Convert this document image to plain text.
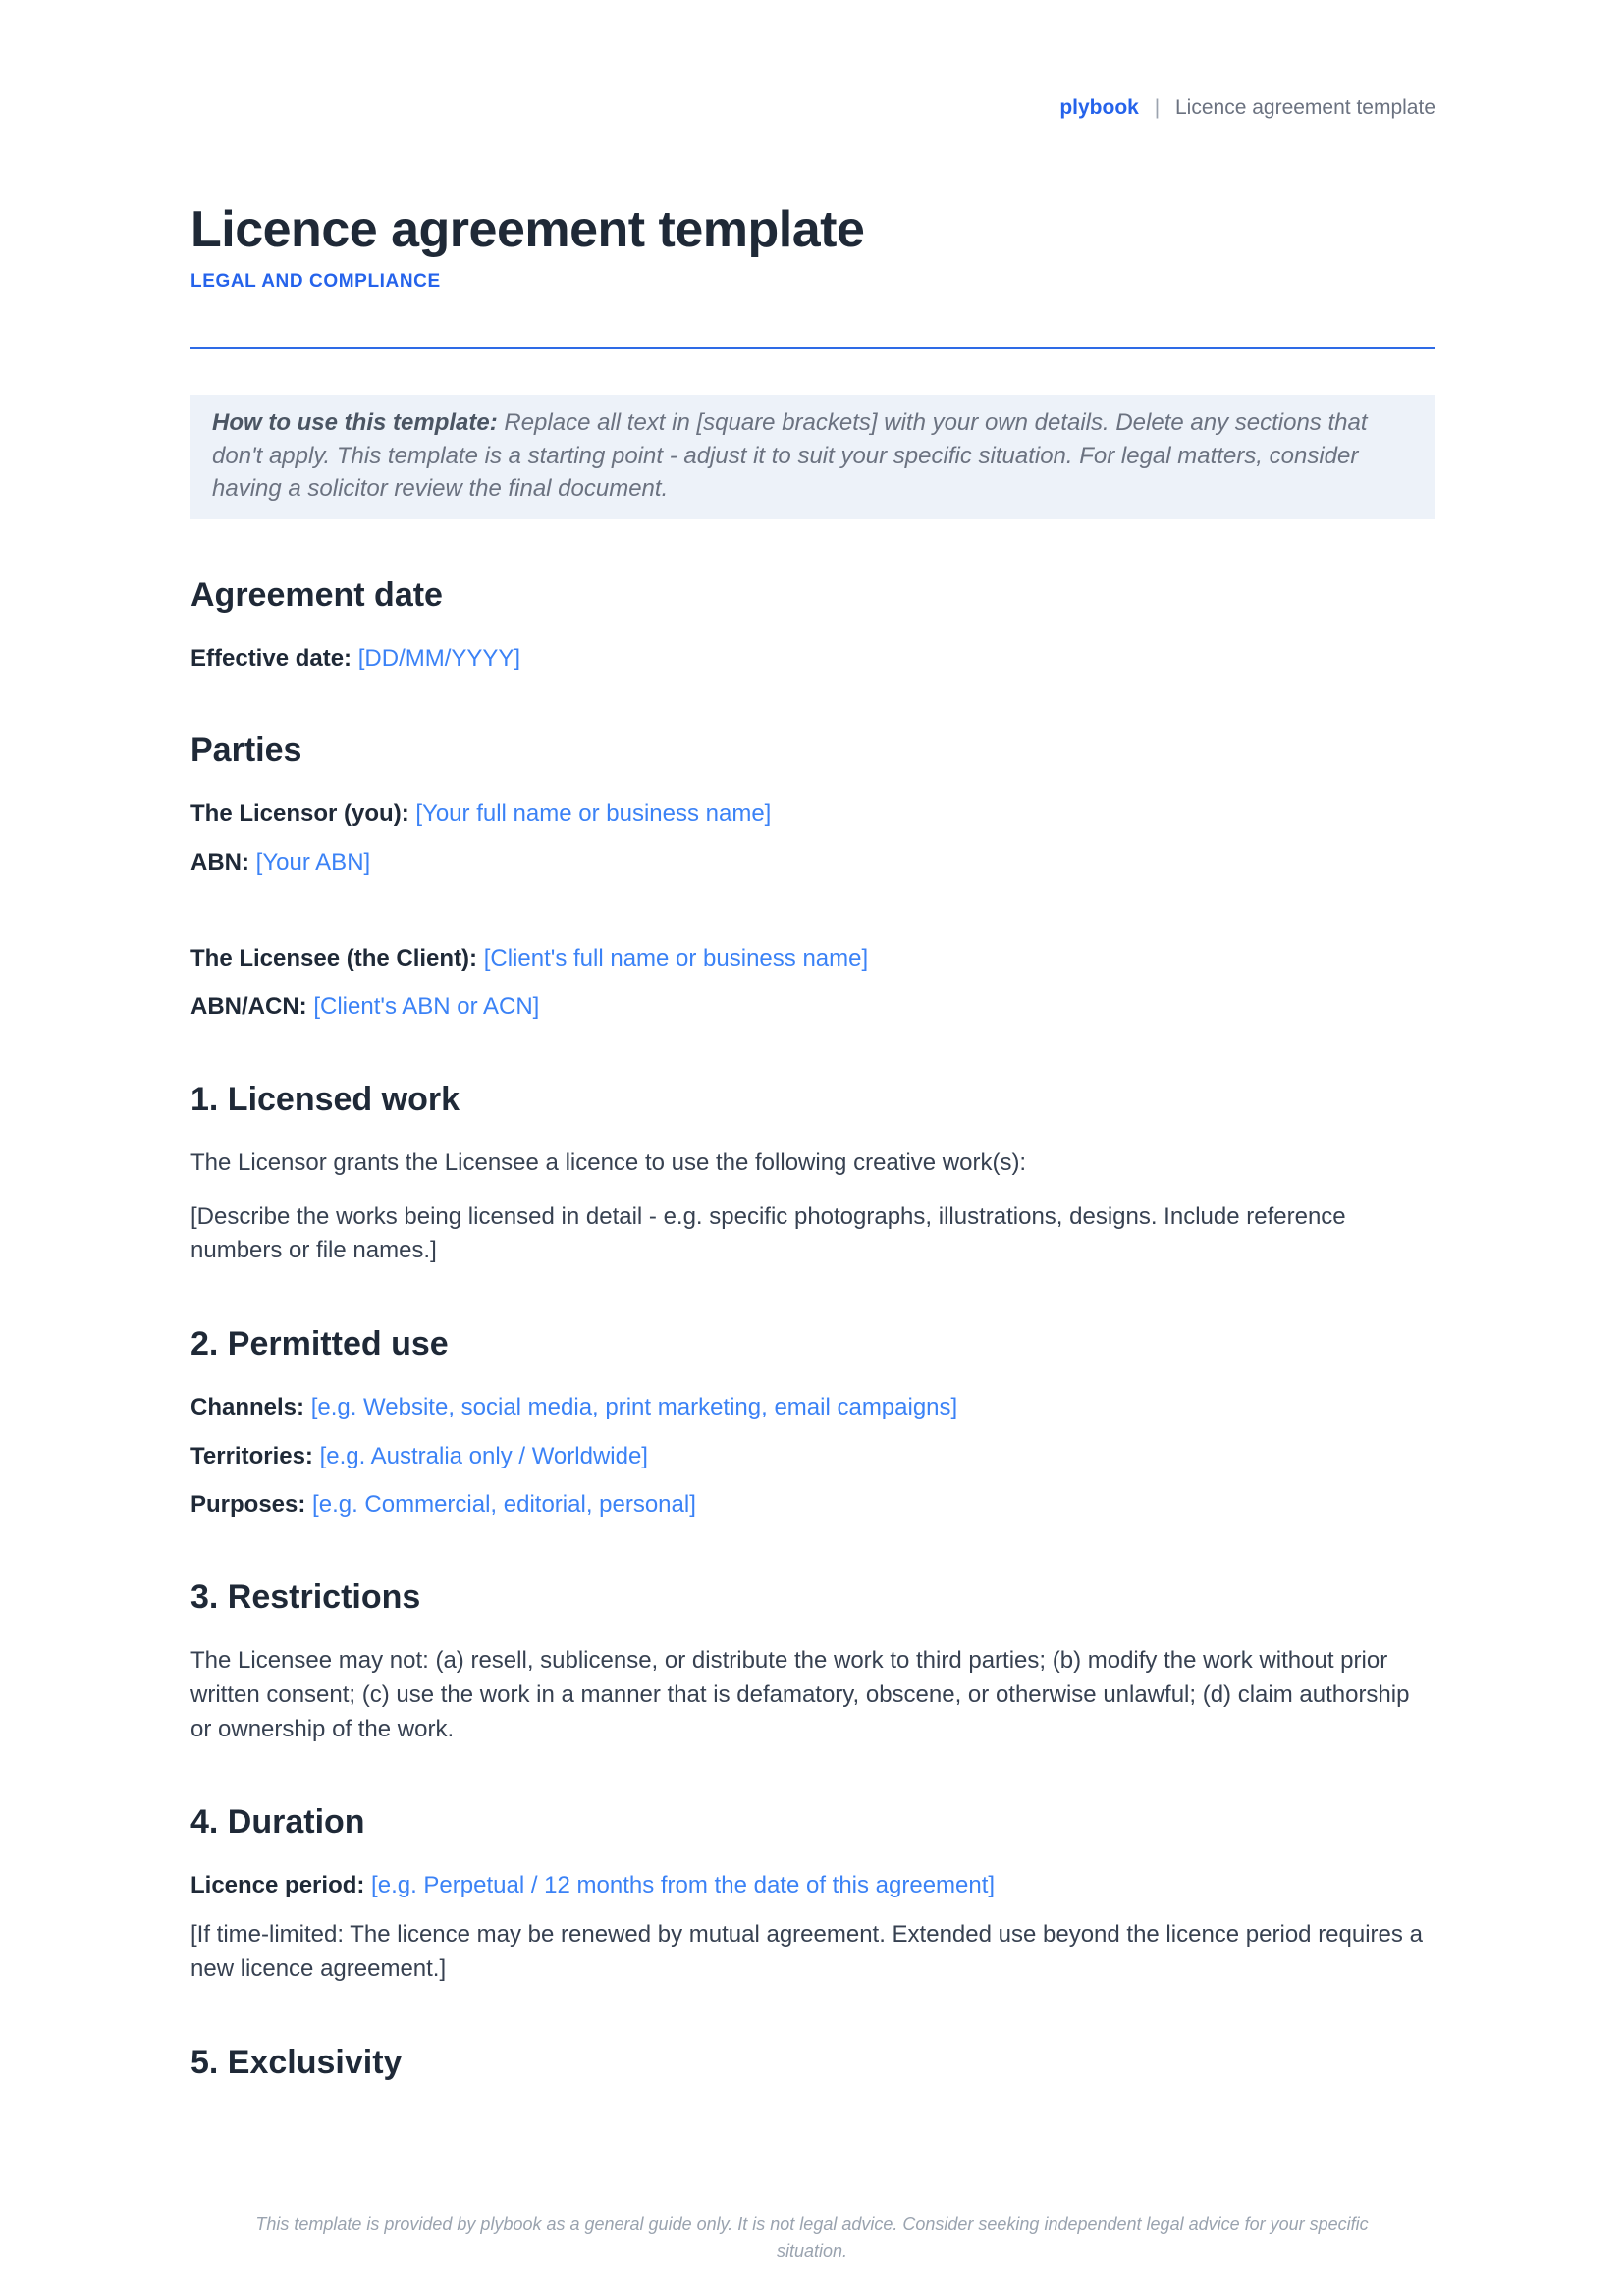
plybook | Licence agreement template
Licence agreement template
LEGAL AND COMPLIANCE
How to use this template: Replace all text in [square brackets] with your own details. Delete any sections that don't apply. This template is a starting point - adjust it to suit your specific situation. For legal matters, consider having a solicitor review the final document.
Agreement date

Effective date: [DD/MM/YYYY]

Parties

The Licensor (you): [Your full name or business name]

ABN: [Your ABN]

The Licensee (the Client): [Client's full name or business name]

ABN/ACN: [Client's ABN or ACN]

1. Licensed work

The Licensor grants the Licensee a licence to use the following creative work(s):

[Describe the works being licensed in detail - e.g. specific photographs, illustrations, designs. Include reference numbers or file names.]

2. Permitted use

Channels: [e.g. Website, social media, print marketing, email campaigns]

Territories: [e.g. Australia only / Worldwide]

Purposes: [e.g. Commercial, editorial, personal]

3. Restrictions

The Licensee may not: (a) resell, sublicense, or distribute the work to third parties; (b) modify the work without prior written consent; (c) use the work in a manner that is defamatory, obscene, or otherwise unlawful; (d) claim authorship or ownership of the work.

4. Duration

Licence period: [e.g. Perpetual / 12 months from the date of this agreement]

[If time-limited: The licence may be renewed by mutual agreement. Extended use beyond the licence period requires a new licence agreement.]

5. Exclusivity

This template is provided by plybook as a general guide only. It is not legal advice. Consider seeking independent legal advice for your specific situation.
